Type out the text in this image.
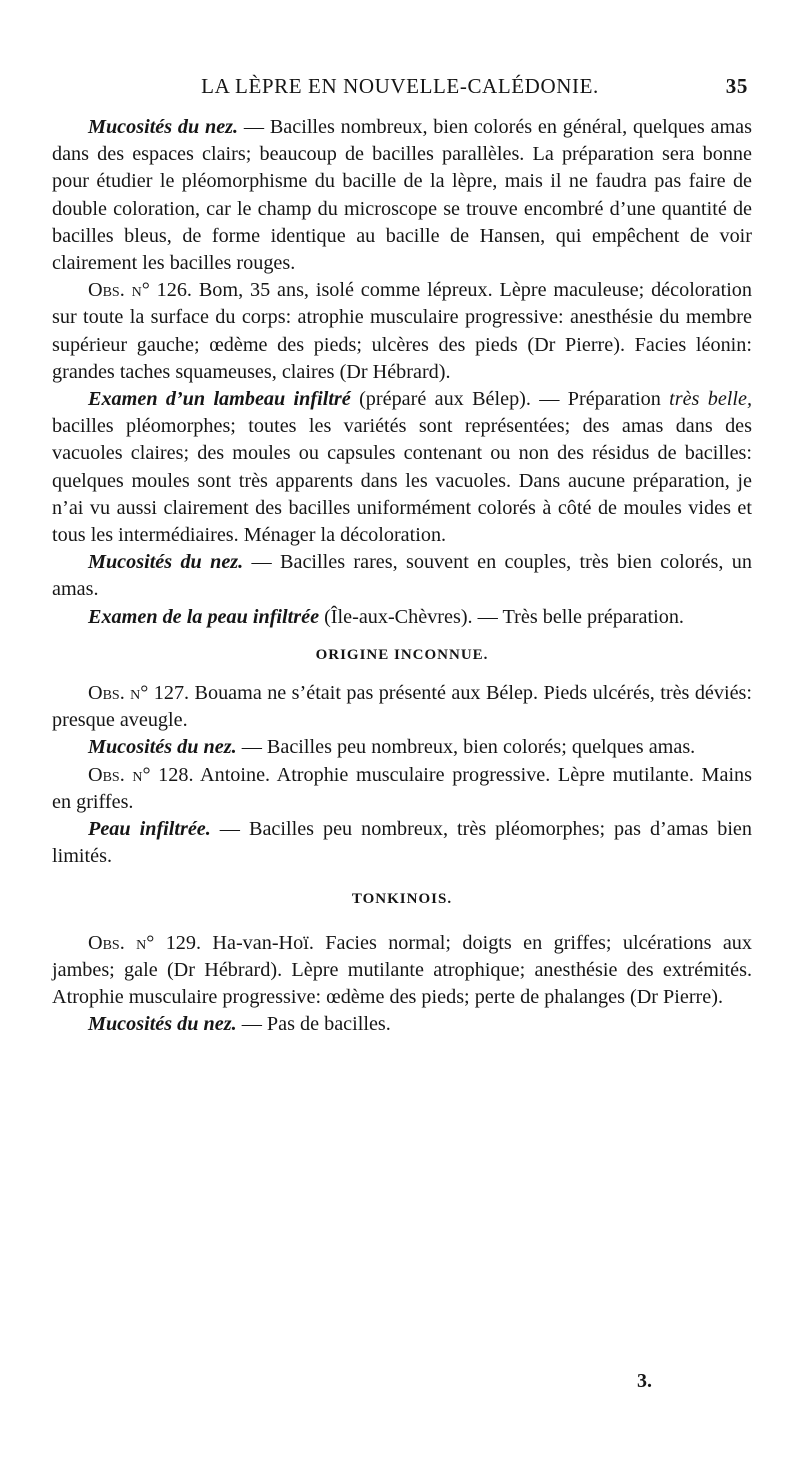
LA LÈPRE EN NOUVELLE-CALÉDONIE.	35

Mucosités du nez. — Bacilles nombreux, bien colorés en général, quelques amas dans des espaces clairs; beaucoup de bacilles parallèles. La préparation sera bonne pour étudier le pléomorphisme du bacille de la lèpre, mais il ne faudra pas faire de double coloration, car le champ du microscope se trouve encombré d’une quantité de bacilles bleus, de forme identique au bacille de Hansen, qui empêchent de voir clairement les bacilles rouges.

Obs. n° 126. Bom, 35 ans, isolé comme lépreux. Lèpre maculeuse; décoloration sur toute la surface du corps: atrophie musculaire progressive: anesthésie du membre supérieur gauche; œdème des pieds; ulcères des pieds (Dr Pierre). Facies léonin: grandes taches squameuses, claires (Dr Hébrard).

Examen d’un lambeau infiltré (préparé aux Bélep). — Préparation très belle, bacilles pléomorphes; toutes les variétés sont représentées; des amas dans des vacuoles claires; des moules ou capsules contenant ou non des résidus de bacilles: quelques moules sont très apparents dans les vacuoles. Dans aucune préparation, je n’ai vu aussi clairement des bacilles uniformément colorés à côté de moules vides et tous les intermédiaires. Ménager la décoloration.

Mucosités du nez. — Bacilles rares, souvent en couples, très bien colorés, un amas.

Examen de la peau infiltrée (Île-aux-Chèvres). — Très belle préparation.

ORIGINE INCONNUE.

Obs. n° 127. Bouama ne s’était pas présenté aux Bélep. Pieds ulcérés, très déviés: presque aveugle.

Mucosités du nez. — Bacilles peu nombreux, bien colorés; quelques amas.

Obs. n° 128. Antoine. Atrophie musculaire progressive. Lèpre mutilante. Mains en griffes.

Peau infiltrée. — Bacilles peu nombreux, très pléomorphes; pas d’amas bien limités.

TONKINOIS.

Obs. n° 129. Ha-van-Hoï. Facies normal; doigts en griffes; ulcérations aux jambes; gale (Dr Hébrard). Lèpre mutilante atrophique; anesthésie des extrémités. Atrophie musculaire progressive: œdème des pieds; perte de phalanges (Dr Pierre).

Mucosités du nez. — Pas de bacilles.

3.
